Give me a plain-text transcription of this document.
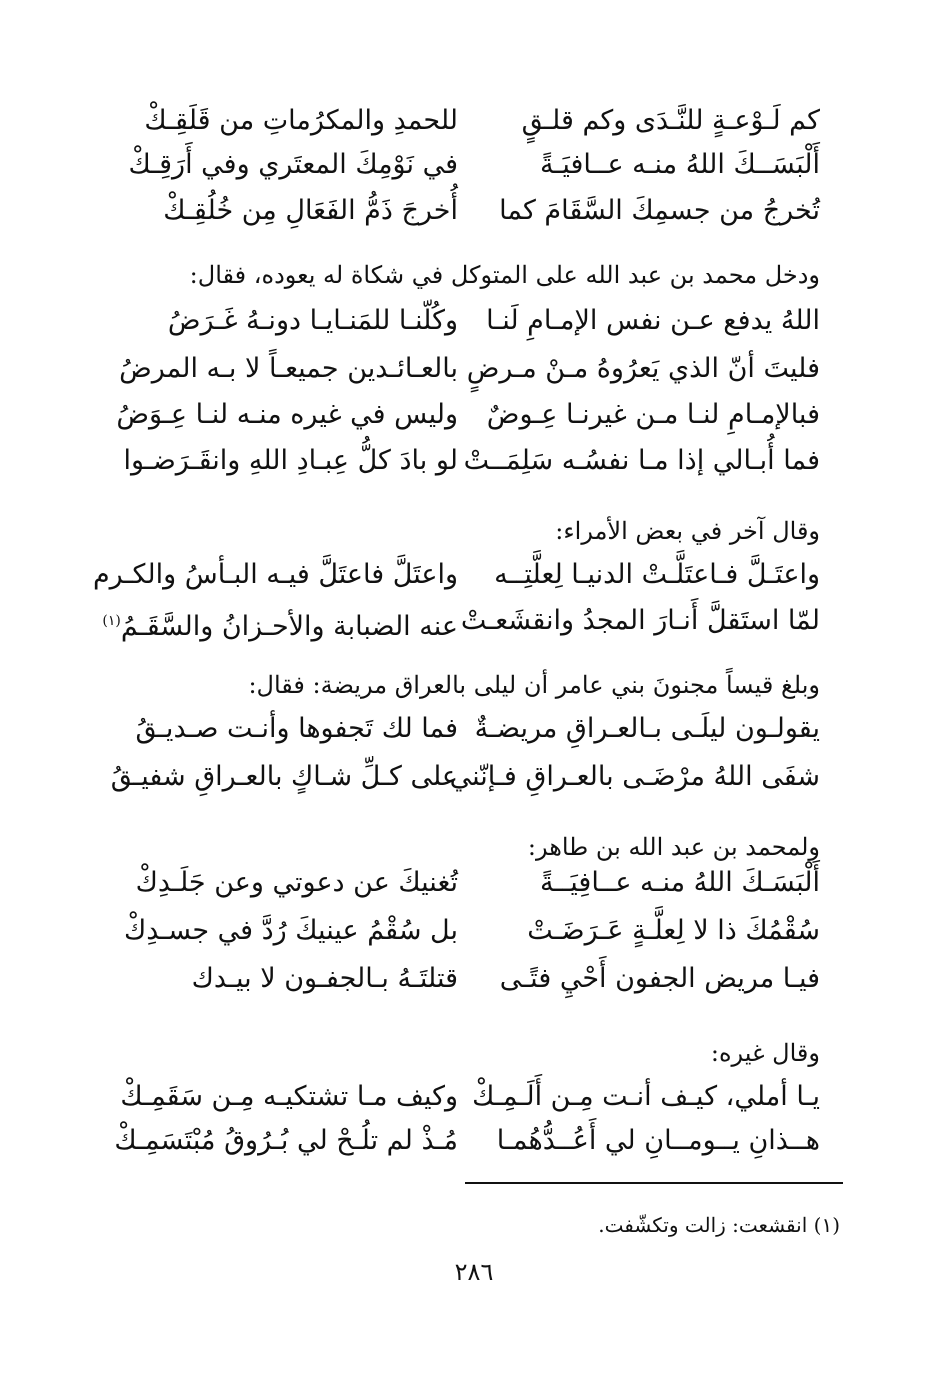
كم لَـوْعـةٍ للنَّـدَى وكم قلـقٍ
للحمدِ والمكرُماتِ من قَلَقِـكْ
أَلْبَسَــكَ اللهُ منـه عــافيَـةً
في نَوْمِكَ المعتَري وفي أَرَقِـكْ
تُخرجُ من جسمِكَ السَّقَامَ كما
أُخرجَ ذَمُّ الفَعَالِ مِن خُلُقِـكْ
ودخل محمد بن عبد الله على المتوكل في شكاة له يعوده، فقال:
اللهُ يدفع عـن نفس الإمـامِ لَنـا
وكُلّنـا للمَنـايـا دونـهُ غَـرَضُ
فليتَ أنّ الذي يَعرُوهُ مـنْ مـرضٍ
بالعـائـدين جميعـاً لا بـه المرضُ
فبالإمـامِ لنـا مـن غيرنـا عِـوضٌ
وليس في غيره منـه لنـا عِـوَضُ
فما أُبـالي إذا مـا نفسُـه سَلِمَــتْ
لو بادَ كلُّ عِبـادِ اللهِ وانقَـرَضـوا
وقال آخر في بعض الأمراء:
واعتَـلَّ فـاعتَلَّـتْ الدنيـا لِعلَّتِــه
واعتَلَّ فاعتَلَّ فيـه البـأسُ والكـرم
لمّا استَقلَّ أَنـارَ المجدُ وانقشَعـتْ
عنه الضبابة والأحـزانُ والسَّقَـمُ$^{(١)}$
وبلغ قيساً مجنونَ بني عامر أن ليلى بالعراق مريضة: فقال:
يقولـون ليلَـى بـالعـراقِ مريضـةٌ
فما لك تَجفوها وأنـت صـديـقُ
شفَى اللهُ مرْضَـى بالعـراقِ فـإنّني
على كـلِّ شـاكٍ بالعـراقِ شفيـقُ
ولمحمد بن عبد الله بن طاهر:
أَلْبَسَـكَ اللهُ منـه عــافِيَــةً
تُغنيكَ عن دعوتي وعن جَلَـدِكْ
سُقْمُكَ ذا لا لِعلَّـةٍ عَـرَضَـتْ
بل سُقْمُ عينيكَ رُدَّ في جسـدِكْ
فيـا مريض الجفون أَحْيِ فتًـى
قتلتَـهُ بـالجفـون لا بيـدك
وقال غيره:
يـا أملي، كيـف أنـت مِـن أَلَـمِـكْ
وكيف مـا تشتكيـه مِـن سَقَمِـكْ
هــذانِ يــومــانِ لي أَعُــدُّهُمـا
مُـذْ لم تلُـحْ لي بُـرُوقُ مُبْتَسَمِـكْ
(١) انقشعت: زالت وتكشّفت.
٢٨٦
